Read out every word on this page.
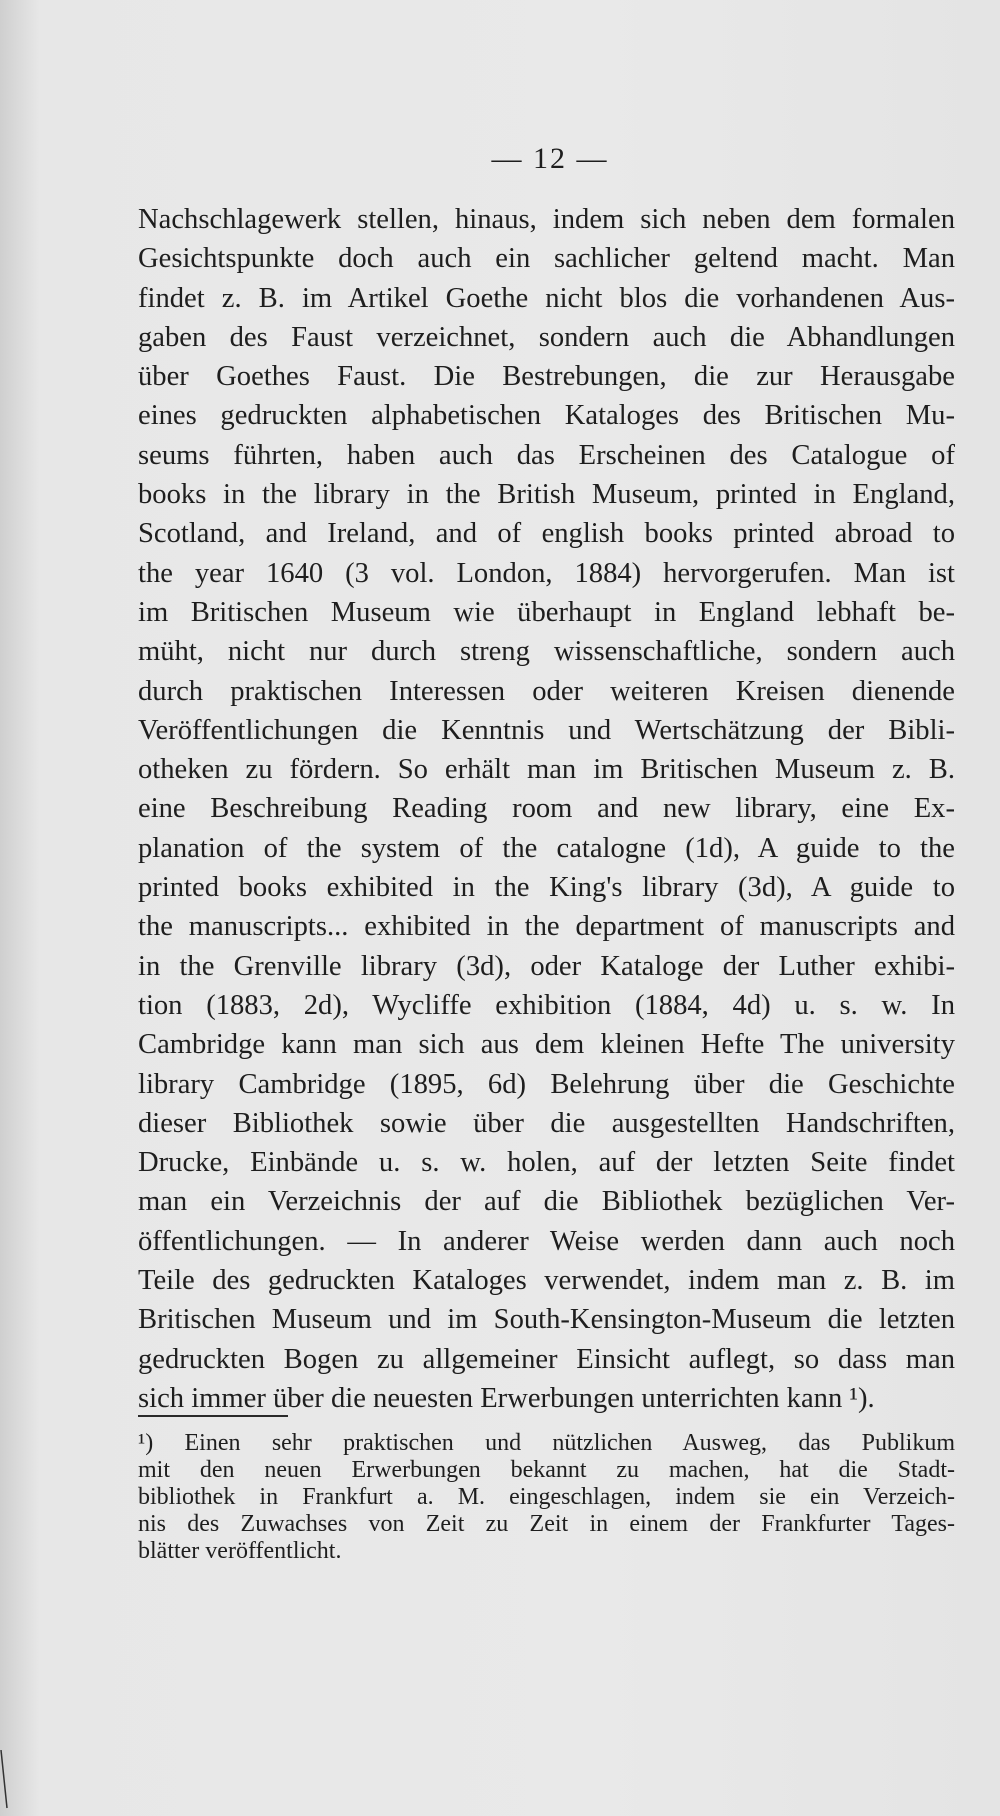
— 12 —
Nachschlagewerk stellen, hinaus, indem sich neben dem formalen
Gesichtspunkte doch auch ein sachlicher geltend macht. Man
findet z. B. im Artikel Goethe nicht blos die vorhandenen Aus-
gaben des Faust verzeichnet, sondern auch die Abhandlungen
über Goethes Faust. Die Bestrebungen, die zur Herausgabe
eines gedruckten alphabetischen Kataloges des Britischen Mu-
seums führten, haben auch das Erscheinen des Catalogue of
books in the library in the British Museum, printed in England,
Scotland, and Ireland, and of english books printed abroad to
the year 1640 (3 vol. London, 1884) hervorgerufen. Man ist
im Britischen Museum wie überhaupt in England lebhaft be-
müht, nicht nur durch streng wissenschaftliche, sondern auch
durch praktischen Interessen oder weiteren Kreisen dienende
Veröffentlichungen die Kenntnis und Wertschätzung der Bibli-
otheken zu fördern. So erhält man im Britischen Museum z. B.
eine Beschreibung Reading room and new library, eine Ex-
planation of the system of the catalogne (1d), A guide to the
printed books exhibited in the King's library (3d), A guide to
the manuscripts... exhibited in the department of manuscripts and
in the Grenville library (3d), oder Kataloge der Luther exhibi-
tion (1883, 2d), Wycliffe exhibition (1884, 4d) u. s. w. In
Cambridge kann man sich aus dem kleinen Hefte The university
library Cambridge (1895, 6d) Belehrung über die Geschichte
dieser Bibliothek sowie über die ausgestellten Handschriften,
Drucke, Einbände u. s. w. holen, auf der letzten Seite findet
man ein Verzeichnis der auf die Bibliothek bezüglichen Ver-
öffentlichungen. — In anderer Weise werden dann auch noch
Teile des gedruckten Kataloges verwendet, indem man z. B. im
Britischen Museum und im South-Kensington-Museum die letzten
gedruckten Bogen zu allgemeiner Einsicht auflegt, so dass man
sich immer über die neuesten Erwerbungen unterrichten kann ¹).
¹) Einen sehr praktischen und nützlichen Ausweg, das Publikum
mit den neuen Erwerbungen bekannt zu machen, hat die Stadt-
bibliothek in Frankfurt a. M. eingeschlagen, indem sie ein Verzeich-
nis des Zuwachses von Zeit zu Zeit in einem der Frankfurter Tages-
blätter veröffentlicht.
